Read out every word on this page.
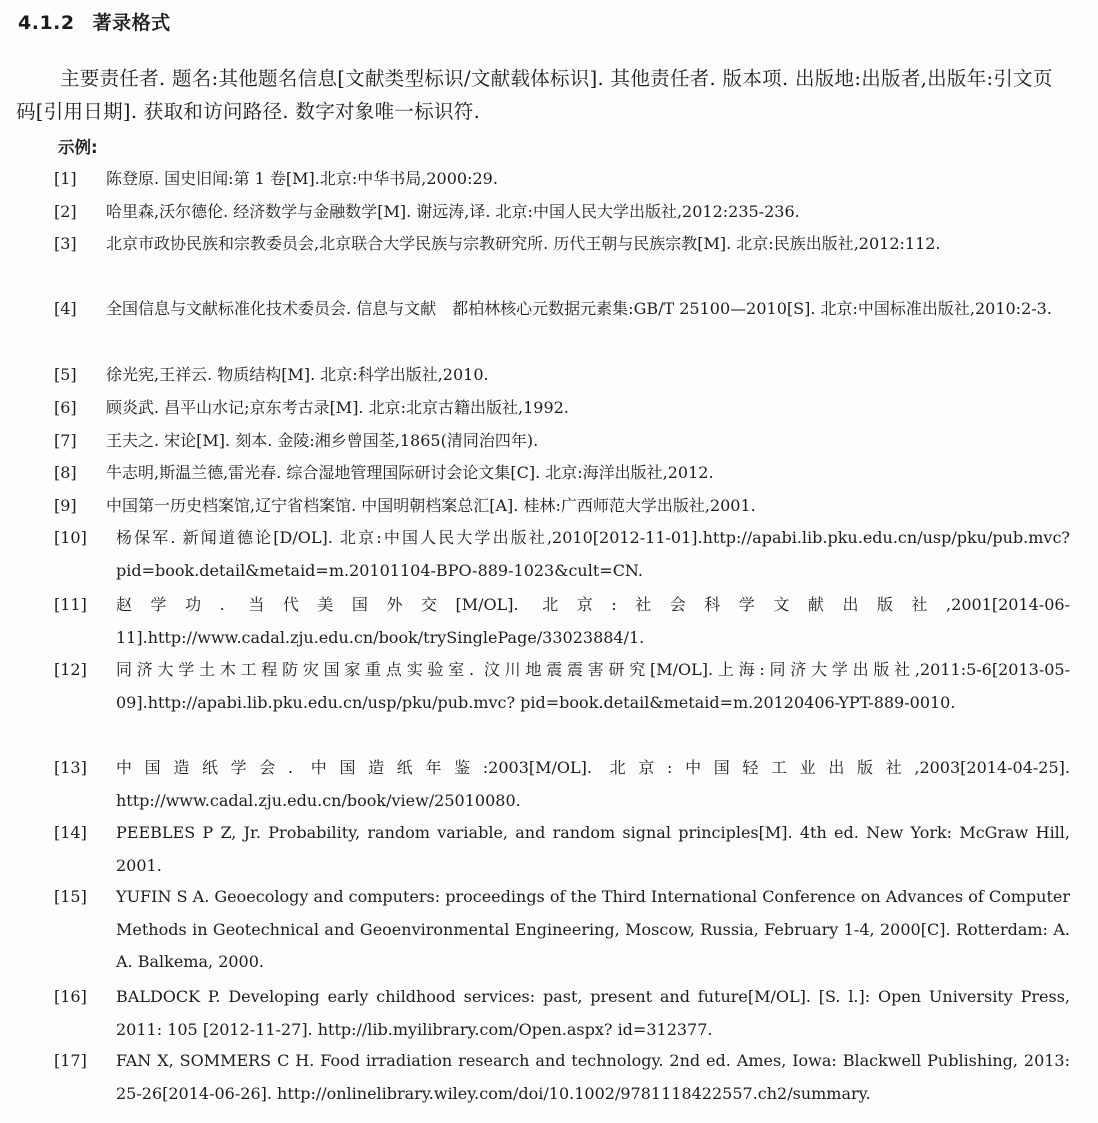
4.1.2 著录格式
主要责任者. 题名:其他题名信息[文献类型标识/文献载体标识]. 其他责任者. 版本项. 出版地:出版者,出版年:引文页码[引用日期]. 获取和访问路径. 数字对象唯一标识符.
示例:
[1] 陈登原. 国史旧闻:第 1 卷[M].北京:中华书局,2000:29.
[2] 哈里森,沃尔德伦. 经济数学与金融数学[M]. 谢远涛,译. 北京:中国人民大学出版社,2012:235-236.
[3] 北京市政协民族和宗教委员会,北京联合大学民族与宗教研究所. 历代王朝与民族宗教[M]. 北京:民族出版社,2012:112.
[4] 全国信息与文献标准化技术委员会. 信息与文献　都柏林核心元数据元素集:GB/T 25100—2010[S]. 北京:中国标准出版社,2010:2-3.
[5] 徐光宪,王祥云. 物质结构[M]. 北京:科学出版社,2010.
[6] 顾炎武. 昌平山水记;京东考古录[M]. 北京:北京古籍出版社,1992.
[7] 王夫之. 宋论[M]. 刻本. 金陵:湘乡曾国荃,1865(清同治四年).
[8] 牛志明,斯温兰德,雷光春. 综合湿地管理国际研讨会论文集[C]. 北京:海洋出版社,2012.
[9] 中国第一历史档案馆,辽宁省档案馆. 中国明朝档案总汇[A]. 桂林:广西师范大学出版社,2001.
[10] 杨保军. 新闻道德论[D/OL]. 北京:中国人民大学出版社,2010[2012-11-01].http://apabi.lib.pku.edu.cn/usp/pku/pub.mvc? pid=book.detail&metaid=m.20101104-BPO-889-1023&cult=CN.
[11] 赵学功. 当代美国外交[M/OL]. 北京:社会科学文献出版社,2001[2014-06-11].http://www.cadal.zju.edu.cn/book/trySinglePage/33023884/1.
[12] 同济大学土木工程防灾国家重点实验室. 汶川地震震害研究[M/OL].上海:同济大学出版社,2011:5-6[2013-05-09].http://apabi.lib.pku.edu.cn/usp/pku/pub.mvc? pid=book.detail&metaid=m.20120406-YPT-889-0010.
[13] 中国造纸学会. 中国造纸年鉴:2003[M/OL]. 北京:中国轻工业出版社,2003[2014-04-25]. http://www.cadal.zju.edu.cn/book/view/25010080.
[14] PEEBLES P Z, Jr. Probability, random variable, and random signal principles[M]. 4th ed. New York: McGraw Hill, 2001.
[15] YUFIN S A. Geoecology and computers: proceedings of the Third International Conference on Advances of Computer Methods in Geotechnical and Geoenvironmental Engineering, Moscow, Russia, February 1-4, 2000[C]. Rotterdam: A. A. Balkema, 2000.
[16] BALDOCK P. Developing early childhood services: past, present and future[M/OL]. [S. l.]: Open University Press, 2011: 105 [2012-11-27]. http://lib.myilibrary.com/Open.aspx? id=312377.
[17] FAN X, SOMMERS C H. Food irradiation research and technology. 2nd ed. Ames, Iowa: Blackwell Publishing, 2013: 25-26[2014-06-26]. http://onlinelibrary.wiley.com/doi/10.1002/9781118422557.ch2/summary.
